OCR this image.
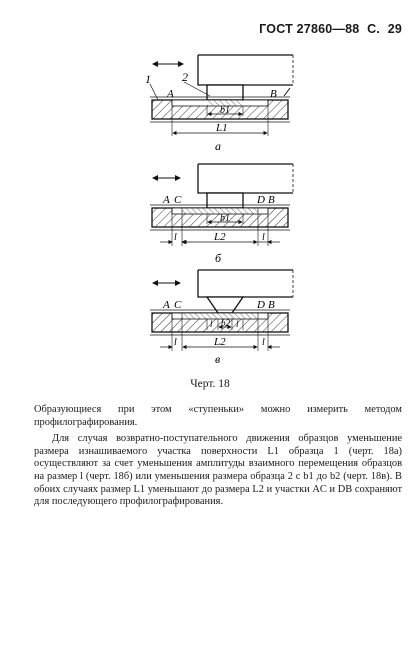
ГОСТ 27860—88 С. 29
1	2
A	B
b1
L1
а
A C	D B
b1
L2
l	l
б
A C	D B
l b2 l
L2
l	l
в
Черт. 18

Образующиеся при этом «ступеньки» можно измерить методом профилографирования.

Для случая возвратно-поступательного движения образцов уменьшение размера изнашиваемого участка поверхности L1 образца 1 (черт. 18а) осуществляют за счет уменьшения амплитуды взаимного перемещения образцов на размер l (черт. 18б) или уменьшения размера образца 2 с b1 до b2 (черт. 18в). В обоих случаях размер L1 уменьшают до размера L2 и участки AC и DB сохраняют для последующего профилографирования.
